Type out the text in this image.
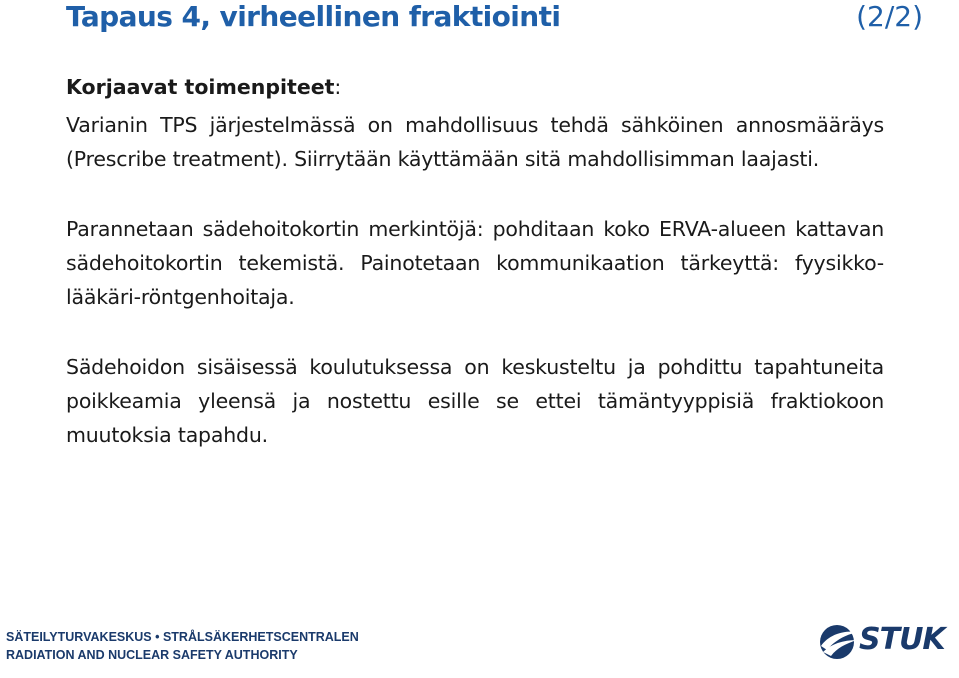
Tapaus 4, virheellinen fraktiointi	(2/2)

Korjaavat toimenpiteet:

Varianin TPS järjestelmässä on mahdollisuus tehdä sähköinen annosmääräys (Prescribe treatment). Siirrytään käyttämään sitä mahdollisimman laajasti.

Parannetaan sädehoitokortin merkintöjä: pohditaan koko ERVA-alueen kattavan sädehoitokortin tekemistä. Painotetaan kommunikaation tärkeyttä: fyysikko-lääkäri-röntgenhoitaja.

Sädehoidon sisäisessä koulutuksessa on keskusteltu ja pohdittu tapahtuneita poikkeamia yleensä ja nostettu esille se ettei tämäntyyppisiä fraktiokoon muutoksia tapahdu.

SÄTEILYTURVAKESKUS • STRÅLSÄKERHETSCENTRALEN
RADIATION AND NUCLEAR SAFETY AUTHORITY	STUK
